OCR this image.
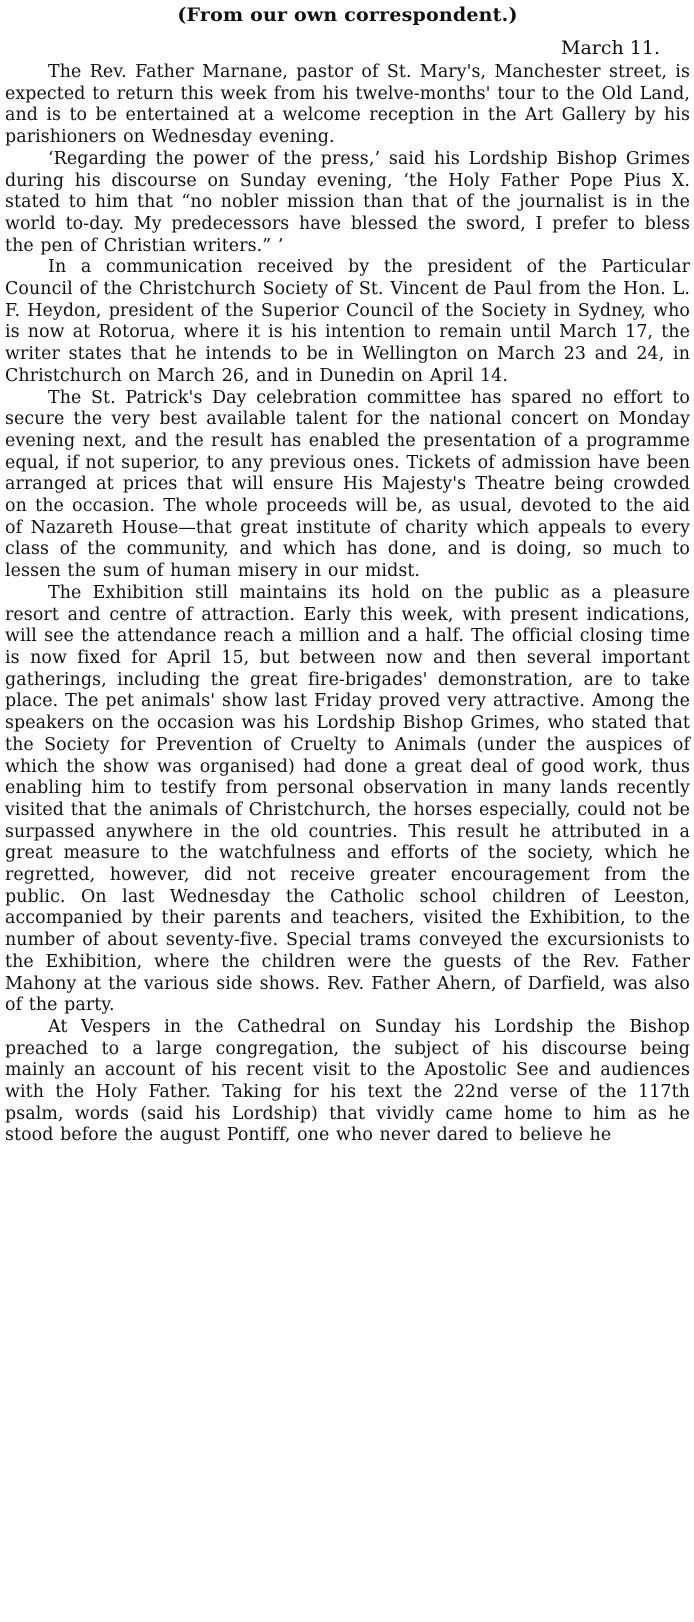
(From our own correspondent.)
March 11.

The Rev. Father Marnane, pastor of St. Mary's, Manchester street, is expected to return this week from his twelve-months' tour to the Old Land, and is to be entertained at a welcome reception in the Art Gallery by his parishioners on Wednesday evening.

‘Regarding the power of the press,’ said his Lordship Bishop Grimes during his discourse on Sunday evening, ‘the Holy Father Pope Pius X. stated to him that “no nobler mission than that of the journalist is in the world to-day. My predecessors have blessed the sword, I prefer to bless the pen of Christian writers.” ’

In a communication received by the president of the Particular Council of the Christchurch Society of St. Vincent de Paul from the Hon. L. F. Heydon, president of the Superior Council of the Society in Sydney, who is now at Rotorua, where it is his intention to remain until March 17, the writer states that he intends to be in Wellington on March 23 and 24, in Christchurch on March 26, and in Dunedin on April 14.

The St. Patrick's Day celebration committee has spared no effort to secure the very best available talent for the national concert on Monday evening next, and the result has enabled the presentation of a programme equal, if not superior, to any previous ones. Tickets of admission have been arranged at prices that will ensure His Majesty's Theatre being crowded on the occasion. The whole proceeds will be, as usual, devoted to the aid of Nazareth House—that great institute of charity which appeals to every class of the community, and which has done, and is doing, so much to lessen the sum of human misery in our midst.

The Exhibition still maintains its hold on the public as a pleasure resort and centre of attraction. Early this week, with present indications, will see the attendance reach a million and a half. The official closing time is now fixed for April 15, but between now and then several important gatherings, including the great fire-brigades' demonstration, are to take place. The pet animals' show last Friday proved very attractive. Among the speakers on the occasion was his Lordship Bishop Grimes, who stated that the Society for Prevention of Cruelty to Animals (under the auspices of which the show was organised) had done a great deal of good work, thus enabling him to testify from personal observation in many lands recently visited that the animals of Christchurch, the horses especially, could not be surpassed anywhere in the old countries. This result he attributed in a great measure to the watchfulness and efforts of the society, which he regretted, however, did not receive greater encouragement from the public. On last Wednesday the Catholic school children of Leeston, accompanied by their parents and teachers, visited the Exhibition, to the number of about seventy-five. Special trams conveyed the excursionists to the Exhibition, where the children were the guests of the Rev. Father Mahony at the various side shows. Rev. Father Ahern, of Darfield, was also of the party.

At Vespers in the Cathedral on Sunday his Lordship the Bishop preached to a large congregation, the subject of his discourse being mainly an account of his recent visit to the Apostolic See and audiences with the Holy Father. Taking for his text the 22nd verse of the 117th psalm, words (said his Lordship) that vividly came home to him as he stood before the august Pontiff, one who never dared to believe he
